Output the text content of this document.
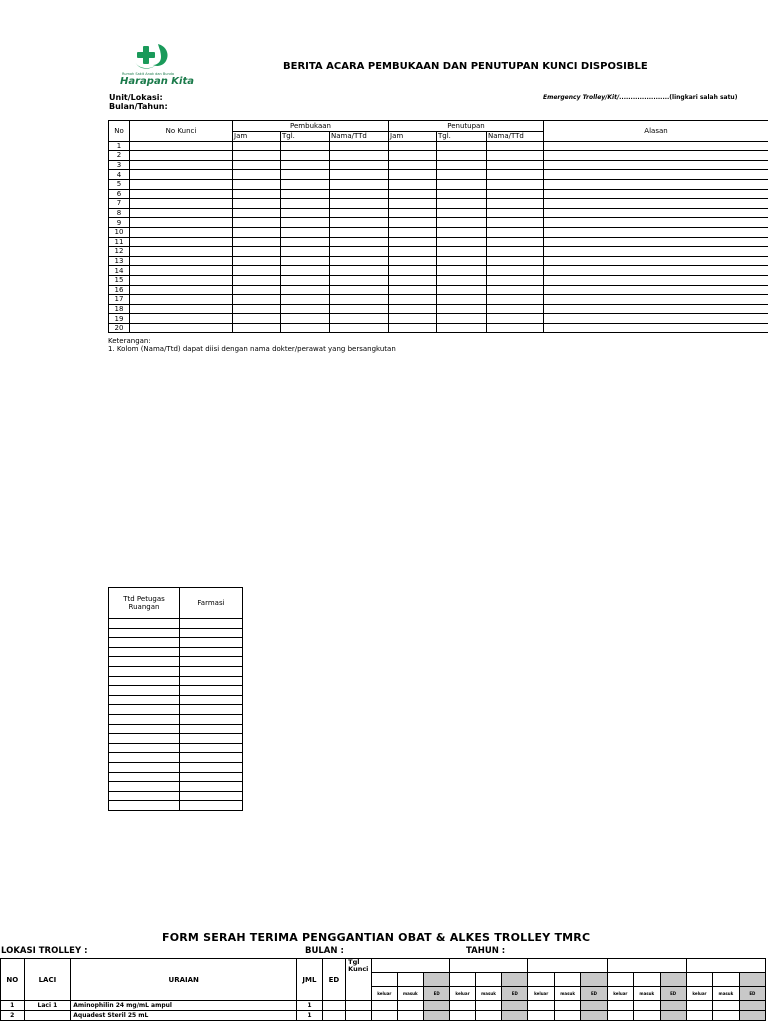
Rumah Sakit Anak dan Bunda
Harapan Kita
BERITA ACARA PEMBUKAAN DAN PENUTUPAN KUNCI DISPOSIBLE
Unit/Lokasi:
Bulan/Tahun:
Emergency Trolley/Kit/......................(lingkari salah satu)
No	No Kunci	Pembukaan			Penutupan			Alasan
		Jam	Tgl.	Nama/TTd	Jam	Tgl.	Nama/TTd	
1								
2								
3								
4								
5								
6								
7								
8								
9								
10								
11								
12								
13								
14								
15								
16								
17								
18								
19								
20								
Keterangan:
1. Kolom (Nama/Ttd) dapat diisi dengan nama dokter/perawat yang bersangkutan
Ttd Petugas Ruangan	Farmasi

FORM SERAH TERIMA PENGGANTIAN OBAT & ALKES TROLLEY TMRC
LOKASI TROLLEY :	BULAN :	TAHUN :
NO	LACI	URAIAN	JML	ED	Tgl Kunci															

						keluar	masuk	ED	keluar	masuk	ED	keluar	masuk	ED	keluar	masuk	ED	keluar	masuk	ED
1	Laci 1	Aminophilin 24 mg/mL ampul	1																	
2		Aquadest Steril 25 mL	1																	
